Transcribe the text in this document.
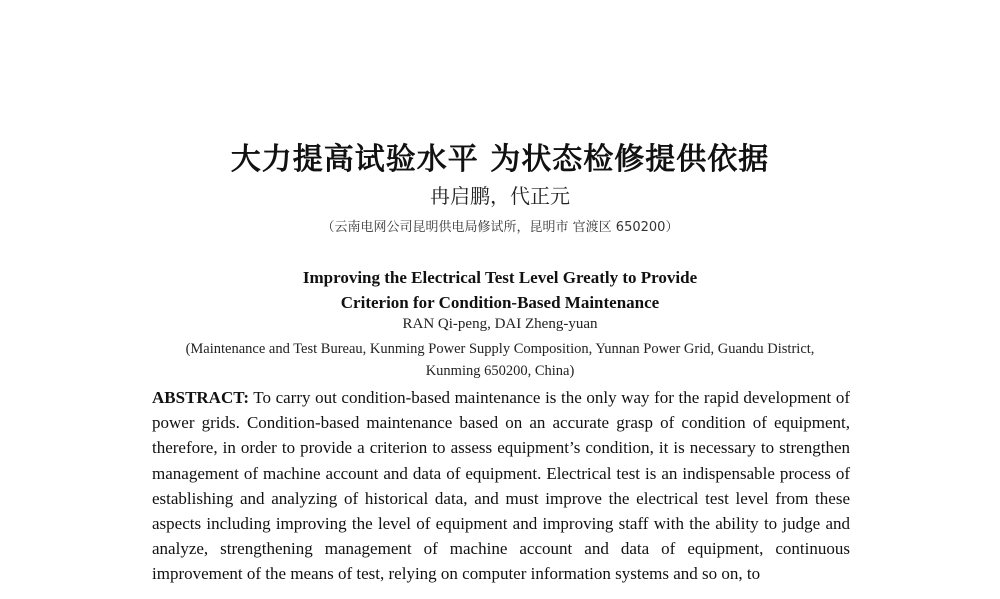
大力提高试验水平 为状态检修提供依据
冉启鹏，代正元
（云南电网公司昆明供电局修试所，昆明市 官渡区 650200）
Improving the Electrical Test Level Greatly to Provide
Criterion for Condition-Based Maintenance
RAN Qi-peng, DAI Zheng-yuan
(Maintenance and Test Bureau, Kunming Power Supply Composition, Yunnan Power Grid, Guandu District,
Kunming 650200, China)

ABSTRACT: To carry out condition-based maintenance is the only way for the rapid development of power grids. Condition-based maintenance based on an accurate grasp of condition of equipment, therefore, in order to provide a criterion to assess equipment’s condition, it is necessary to strengthen management of machine account and data of equipment. Electrical test is an indispensable process of establishing and analyzing of historical data, and must improve the electrical test level from these aspects including improving the level of equipment and improving staff with the ability to judge and analyze, strengthening management of machine account and data of equipment, continuous improvement of the means of test, relying on computer information systems and so on, to
